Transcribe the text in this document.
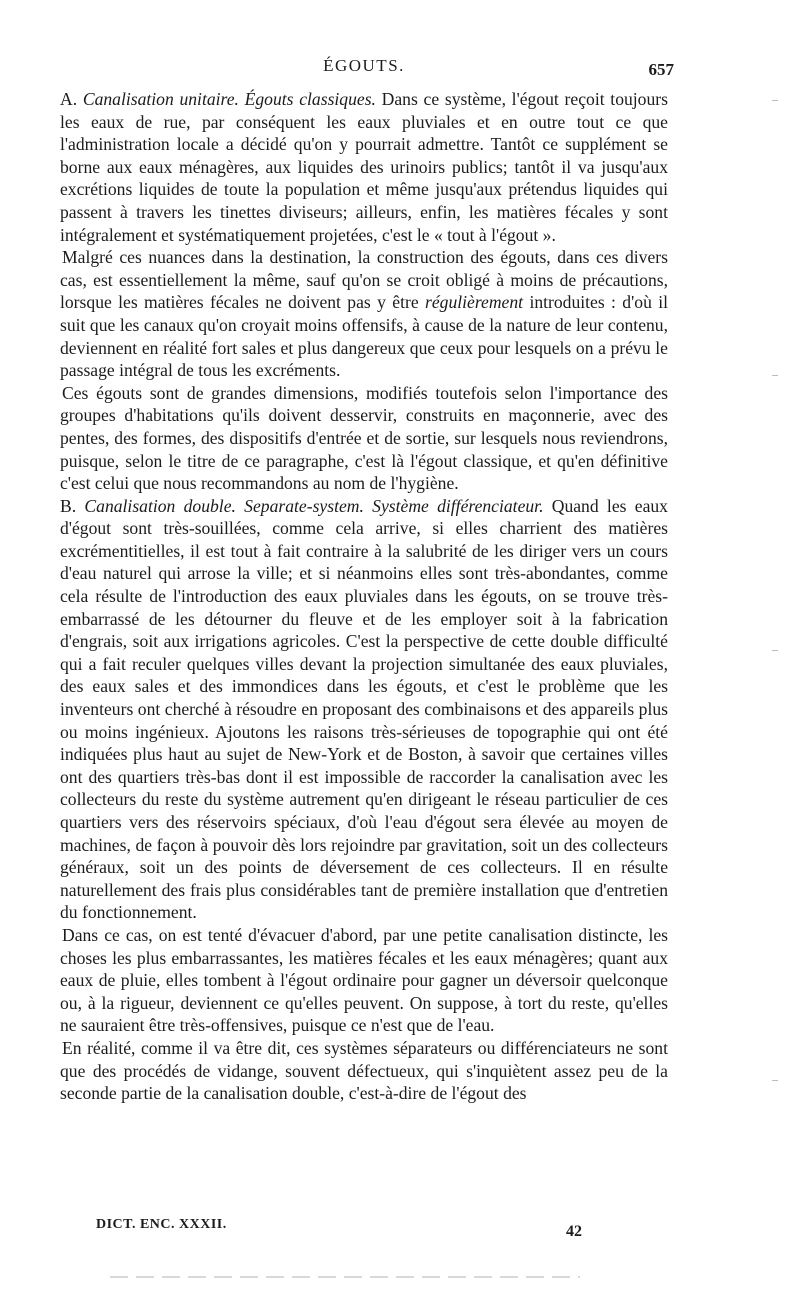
ÉGOUTS.	657

A. Canalisation unitaire. Égouts classiques. Dans ce système, l'égout reçoit toujours les eaux de rue, par conséquent les eaux pluviales et en outre tout ce que l'administration locale a décidé qu'on y pourrait admettre. Tantôt ce supplément se borne aux eaux ménagères, aux liquides des urinoirs publics; tantôt il va jusqu'aux excrétions liquides de toute la population et même jusqu'aux prétendus liquides qui passent à travers les tinettes diviseurs; ailleurs, enfin, les matières fécales y sont intégralement et systématiquement projetées, c'est le « tout à l'égout ».

Malgré ces nuances dans la destination, la construction des égouts, dans ces divers cas, est essentiellement la même, sauf qu'on se croit obligé à moins de précautions, lorsque les matières fécales ne doivent pas y être régulièrement introduites : d'où il suit que les canaux qu'on croyait moins offensifs, à cause de la nature de leur contenu, deviennent en réalité fort sales et plus dangereux que ceux pour lesquels on a prévu le passage intégral de tous les excréments.

Ces égouts sont de grandes dimensions, modifiés toutefois selon l'importance des groupes d'habitations qu'ils doivent desservir, construits en maçonnerie, avec des pentes, des formes, des dispositifs d'entrée et de sortie, sur lesquels nous reviendrons, puisque, selon le titre de ce paragraphe, c'est là l'égout classique, et qu'en définitive c'est celui que nous recommandons au nom de l'hygiène.

B. Canalisation double. Separate-system. Système différenciateur. Quand les eaux d'égout sont très-souillées, comme cela arrive, si elles charrient des matières excrémentitielles, il est tout à fait contraire à la salubrité de les diriger vers un cours d'eau naturel qui arrose la ville; et si néanmoins elles sont très-abondantes, comme cela résulte de l'introduction des eaux pluviales dans les égouts, on se trouve très-embarrassé de les détourner du fleuve et de les employer soit à la fabrication d'engrais, soit aux irrigations agricoles. C'est la perspective de cette double difficulté qui a fait reculer quelques villes devant la projection simultanée des eaux pluviales, des eaux sales et des immondices dans les égouts, et c'est le problème que les inventeurs ont cherché à résoudre en proposant des combinaisons et des appareils plus ou moins ingénieux. Ajoutons les raisons très-sérieuses de topographie qui ont été indiquées plus haut au sujet de New-York et de Boston, à savoir que certaines villes ont des quartiers très-bas dont il est impossible de raccorder la canalisation avec les collecteurs du reste du système autrement qu'en dirigeant le réseau particulier de ces quartiers vers des réservoirs spéciaux, d'où l'eau d'égout sera élevée au moyen de machines, de façon à pouvoir dès lors rejoindre par gravitation, soit un des collecteurs généraux, soit un des points de déversement de ces collecteurs. Il en résulte naturellement des frais plus considérables tant de première installation que d'entretien du fonctionnement.

Dans ce cas, on est tenté d'évacuer d'abord, par une petite canalisation distincte, les choses les plus embarrassantes, les matières fécales et les eaux ménagères; quant aux eaux de pluie, elles tombent à l'égout ordinaire pour gagner un déversoir quelconque ou, à la rigueur, deviennent ce qu'elles peuvent. On suppose, à tort du reste, qu'elles ne sauraient être très-offensives, puisque ce n'est que de l'eau.

En réalité, comme il va être dit, ces systèmes séparateurs ou différenciateurs ne sont que des procédés de vidange, souvent défectueux, qui s'inquiètent assez peu de la seconde partie de la canalisation double, c'est-à-dire de l'égout des

DICT. ENC. XXXII.	42
